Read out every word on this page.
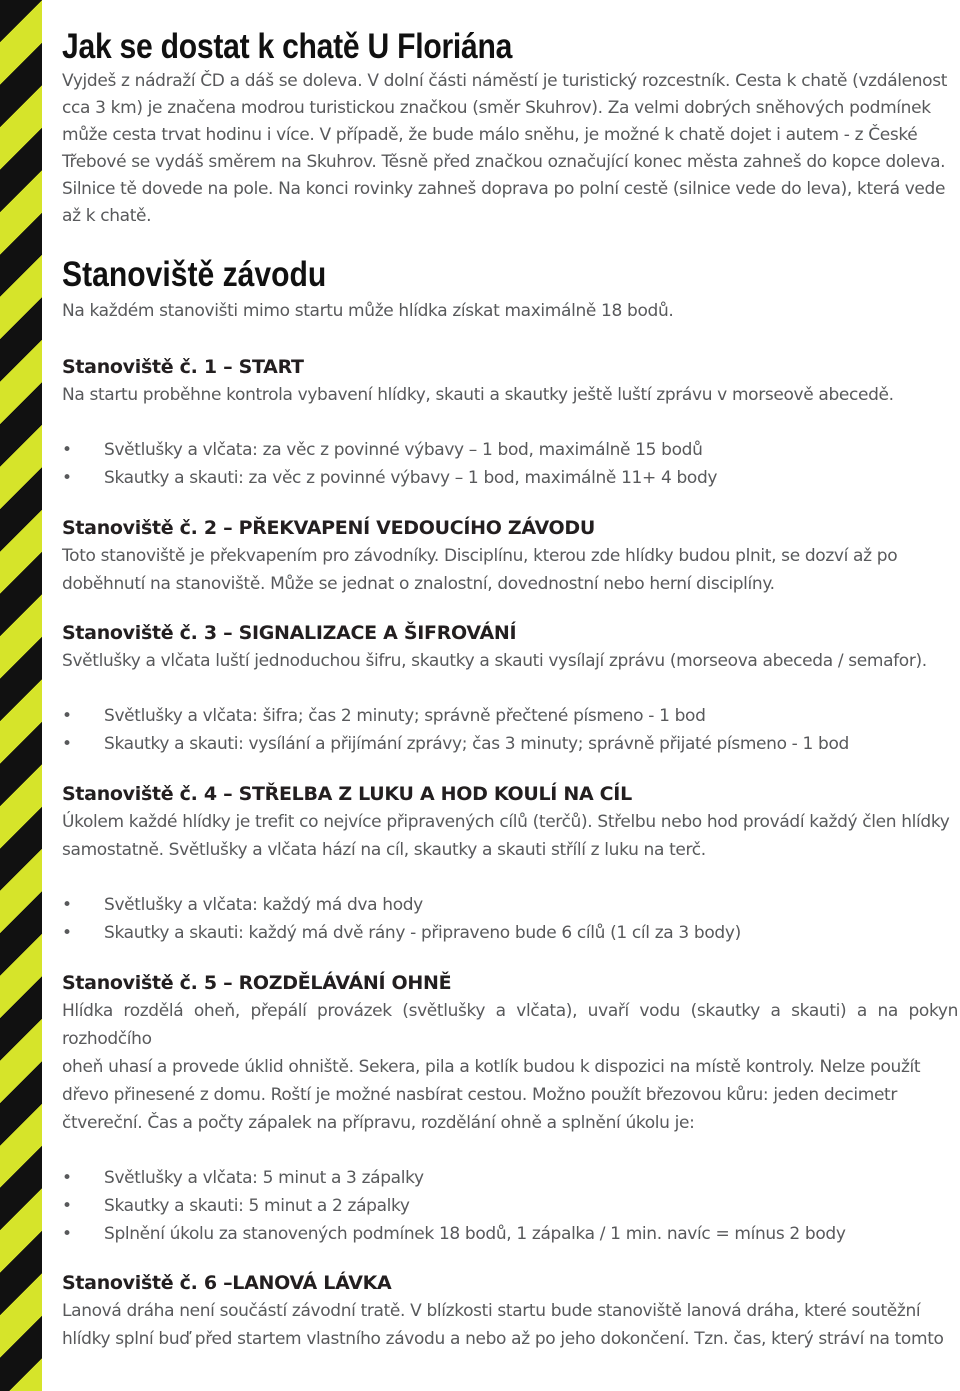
Jak se dostat k chatě U Floriána

Vyjdeš z nádraží ČD a dáš se doleva. V dolní části náměstí je turistický rozcestník. Cesta k chatě (vzdálenost

cca 3 km) je značena modrou turistickou značkou (směr Skuhrov). Za velmi dobrých sněhových podmínek

může cesta trvat hodinu i více. V případě, že bude málo sněhu, je možné k chatě dojet i autem - z České

Třebové se vydáš směrem na Skuhrov. Těsně před značkou označující konec města zahneš do kopce doleva.

Silnice tě dovede na pole. Na konci rovinky zahneš doprava po polní cestě (silnice vede do leva), která vede

až k chatě.

Stanoviště závodu

Na každém stanovišti mimo startu může hlídka získat maximálně 18 bodů.

Stanoviště č. 1 – START

Na startu proběhne kontrola vybavení hlídky, skauti a skautky ještě luští zprávu v morseově abecedě.

• Světlušky a vlčata: za věc z povinné výbavy – 1 bod, maximálně 15 bodů
• Skautky a skauti: za věc z povinné výbavy – 1 bod, maximálně 11+ 4 body
Stanoviště č. 2 – PŘEKVAPENÍ VEDOUCÍHO ZÁVODU

Toto stanoviště je překvapením pro závodníky. Disciplínu, kterou zde hlídky budou plnit, se dozví až po

doběhnutí na stanoviště. Může se jednat o znalostní, dovednostní nebo herní disciplíny.

Stanoviště č. 3 – SIGNALIZACE A ŠIFROVÁNÍ

Světlušky a vlčata luští jednoduchou šifru, skautky a skauti vysílají zprávu (morseova abeceda / semafor).

• Světlušky a vlčata: šifra; čas 2 minuty; správně přečtené písmeno - 1 bod
• Skautky a skauti: vysílání a přijímání zprávy; čas 3 minuty; správně přijaté písmeno - 1 bod
Stanoviště č. 4 – STŘELBA Z LUKU A HOD KOULÍ NA CÍL

Úkolem každé hlídky je trefit co nejvíce připravených cílů (terčů). Střelbu nebo hod provádí každý člen hlídky

samostatně. Světlušky a vlčata hází na cíl, skautky a skauti střílí z luku na terč.

• Světlušky a vlčata: každý má dva hody
• Skautky a skauti: každý má dvě rány - připraveno bude 6 cílů (1 cíl za 3 body)
Stanoviště č. 5 – ROZDĚLÁVÁNÍ OHNĚ

Hlídka rozdělá oheň, přepálí provázek (světlušky a vlčata), uvaří vodu (skautky a skauti) a na pokyn rozhodčího

oheň uhasí a provede úklid ohniště. Sekera, pila a kotlík budou k dispozici na místě kontroly. Nelze použít

dřevo přinesené z domu. Roští je možné nasbírat cestou. Možno použít březovou kůru: jeden decimetr

čtvereční. Čas a počty zápalek na přípravu, rozdělání ohně a splnění úkolu je:

• Světlušky a vlčata: 5 minut a 3 zápalky
• Skautky a skauti: 5 minut a 2 zápalky
• Splnění úkolu za stanovených podmínek 18 bodů, 1 zápalka / 1 min. navíc = mínus 2 body
Stanoviště č. 6 –LANOVÁ LÁVKA

Lanová dráha není součástí závodní tratě. V blízkosti startu bude stanoviště lanová dráha, které soutěžní

hlídky splní buď před startem vlastního závodu a nebo až po jeho dokončení. Tzn. čas, který stráví na tomto
